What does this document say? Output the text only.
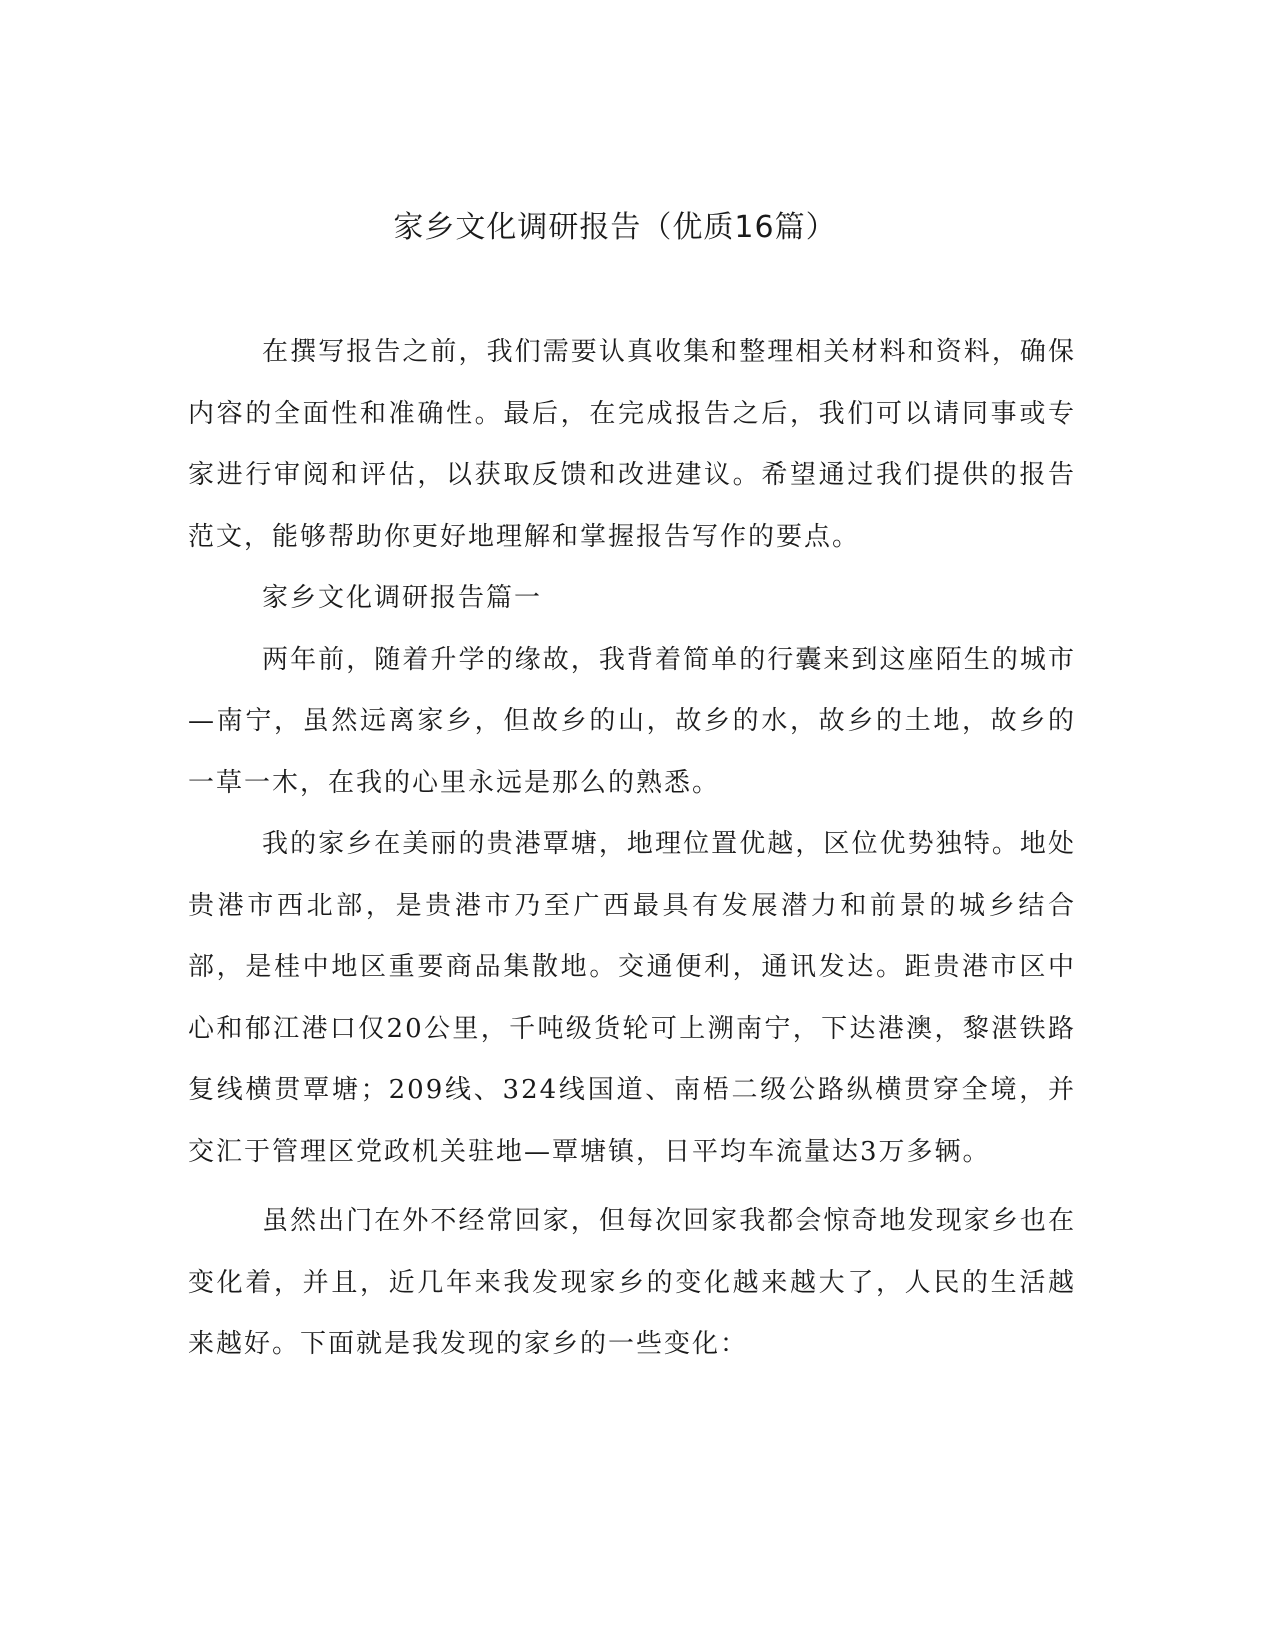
家乡文化调研报告（优质16篇）

在撰写报告之前，我们需要认真收集和整理相关材料和资料，确保内容的全面性和准确性。最后，在完成报告之后，我们可以请同事或专家进行审阅和评估，以获取反馈和改进建议。希望通过我们提供的报告范文，能够帮助你更好地理解和掌握报告写作的要点。

家乡文化调研报告篇一

两年前，随着升学的缘故，我背着简单的行囊来到这座陌生的城市—南宁，虽然远离家乡，但故乡的山，故乡的水，故乡的土地，故乡的一草一木，在我的心里永远是那么的熟悉。

我的家乡在美丽的贵港覃塘，地理位置优越，区位优势独特。地处贵港市西北部，是贵港市乃至广西最具有发展潜力和前景的城乡结合部，是桂中地区重要商品集散地。交通便利，通讯发达。距贵港市区中心和郁江港口仅20公里，千吨级货轮可上溯南宁，下达港澳，黎湛铁路复线横贯覃塘；209线、324线国道、南梧二级公路纵横贯穿全境，并交汇于管理区党政机关驻地—覃塘镇，日平均车流量达3万多辆。

虽然出门在外不经常回家，但每次回家我都会惊奇地发现家乡也在变化着，并且，近几年来我发现家乡的变化越来越大了，人民的生活越来越好。下面就是我发现的家乡的一些变化：
